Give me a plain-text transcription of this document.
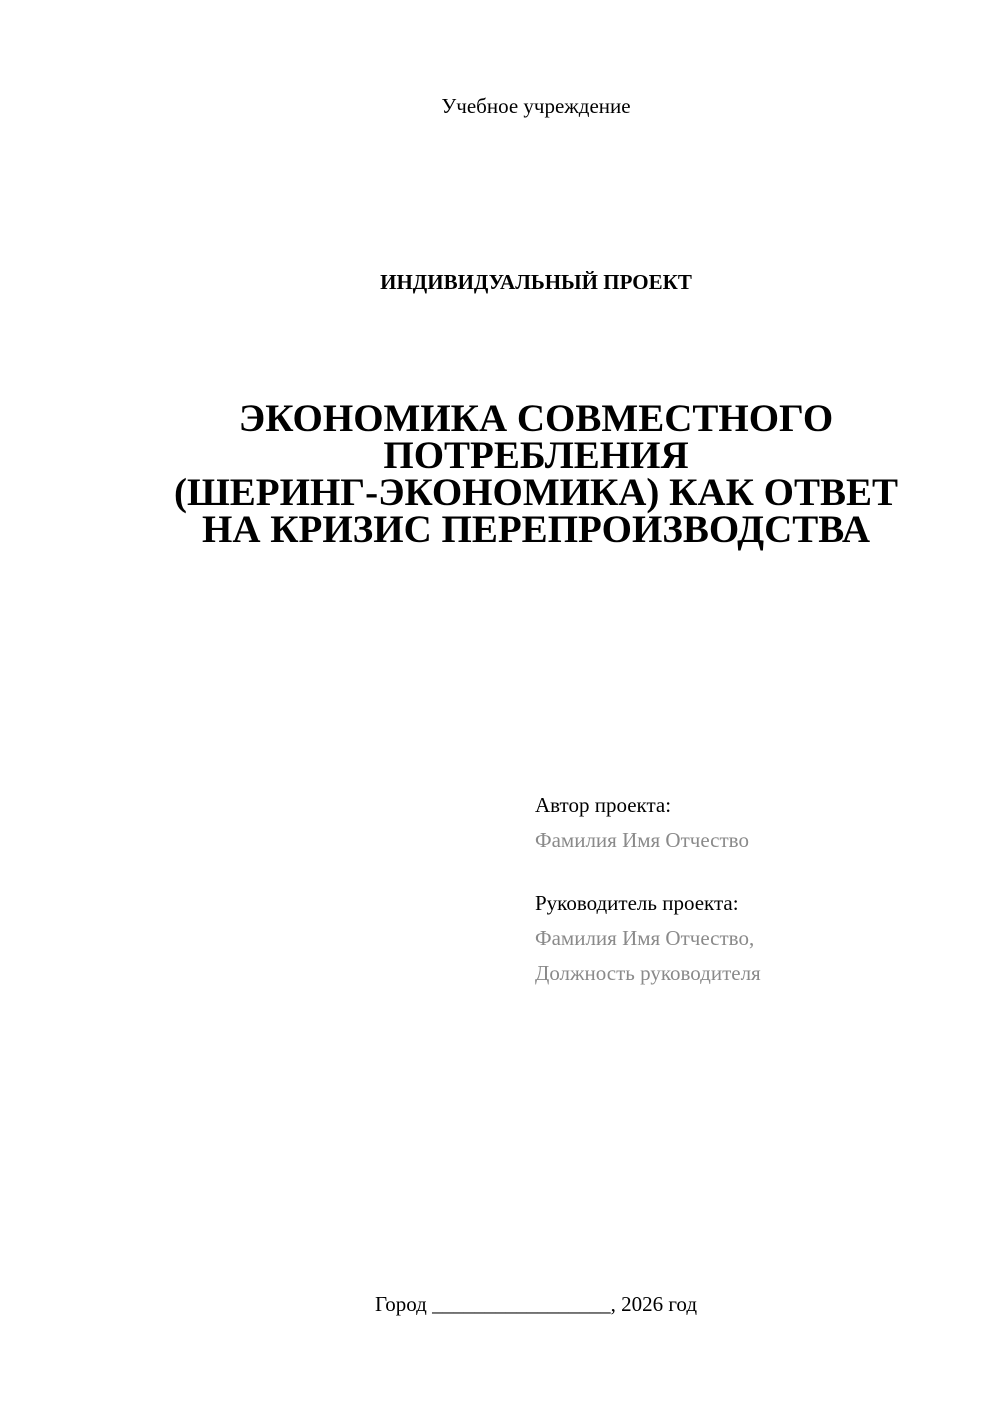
Учебное учреждение
ИНДИВИДУАЛЬНЫЙ ПРОЕКТ
ЭКОНОМИКА СОВМЕСТНОГО
ПОТРЕБЛЕНИЯ
(ШЕРИНГ-ЭКОНОМИКА) КАК ОТВЕТ
НА КРИЗИС ПЕРЕПРОИЗВОДСТВА
Автор проекта:
Фамилия Имя Отчество
Руководитель проекта:
Фамилия Имя Отчество,
Должность руководителя
Город _________________, 2026 год
